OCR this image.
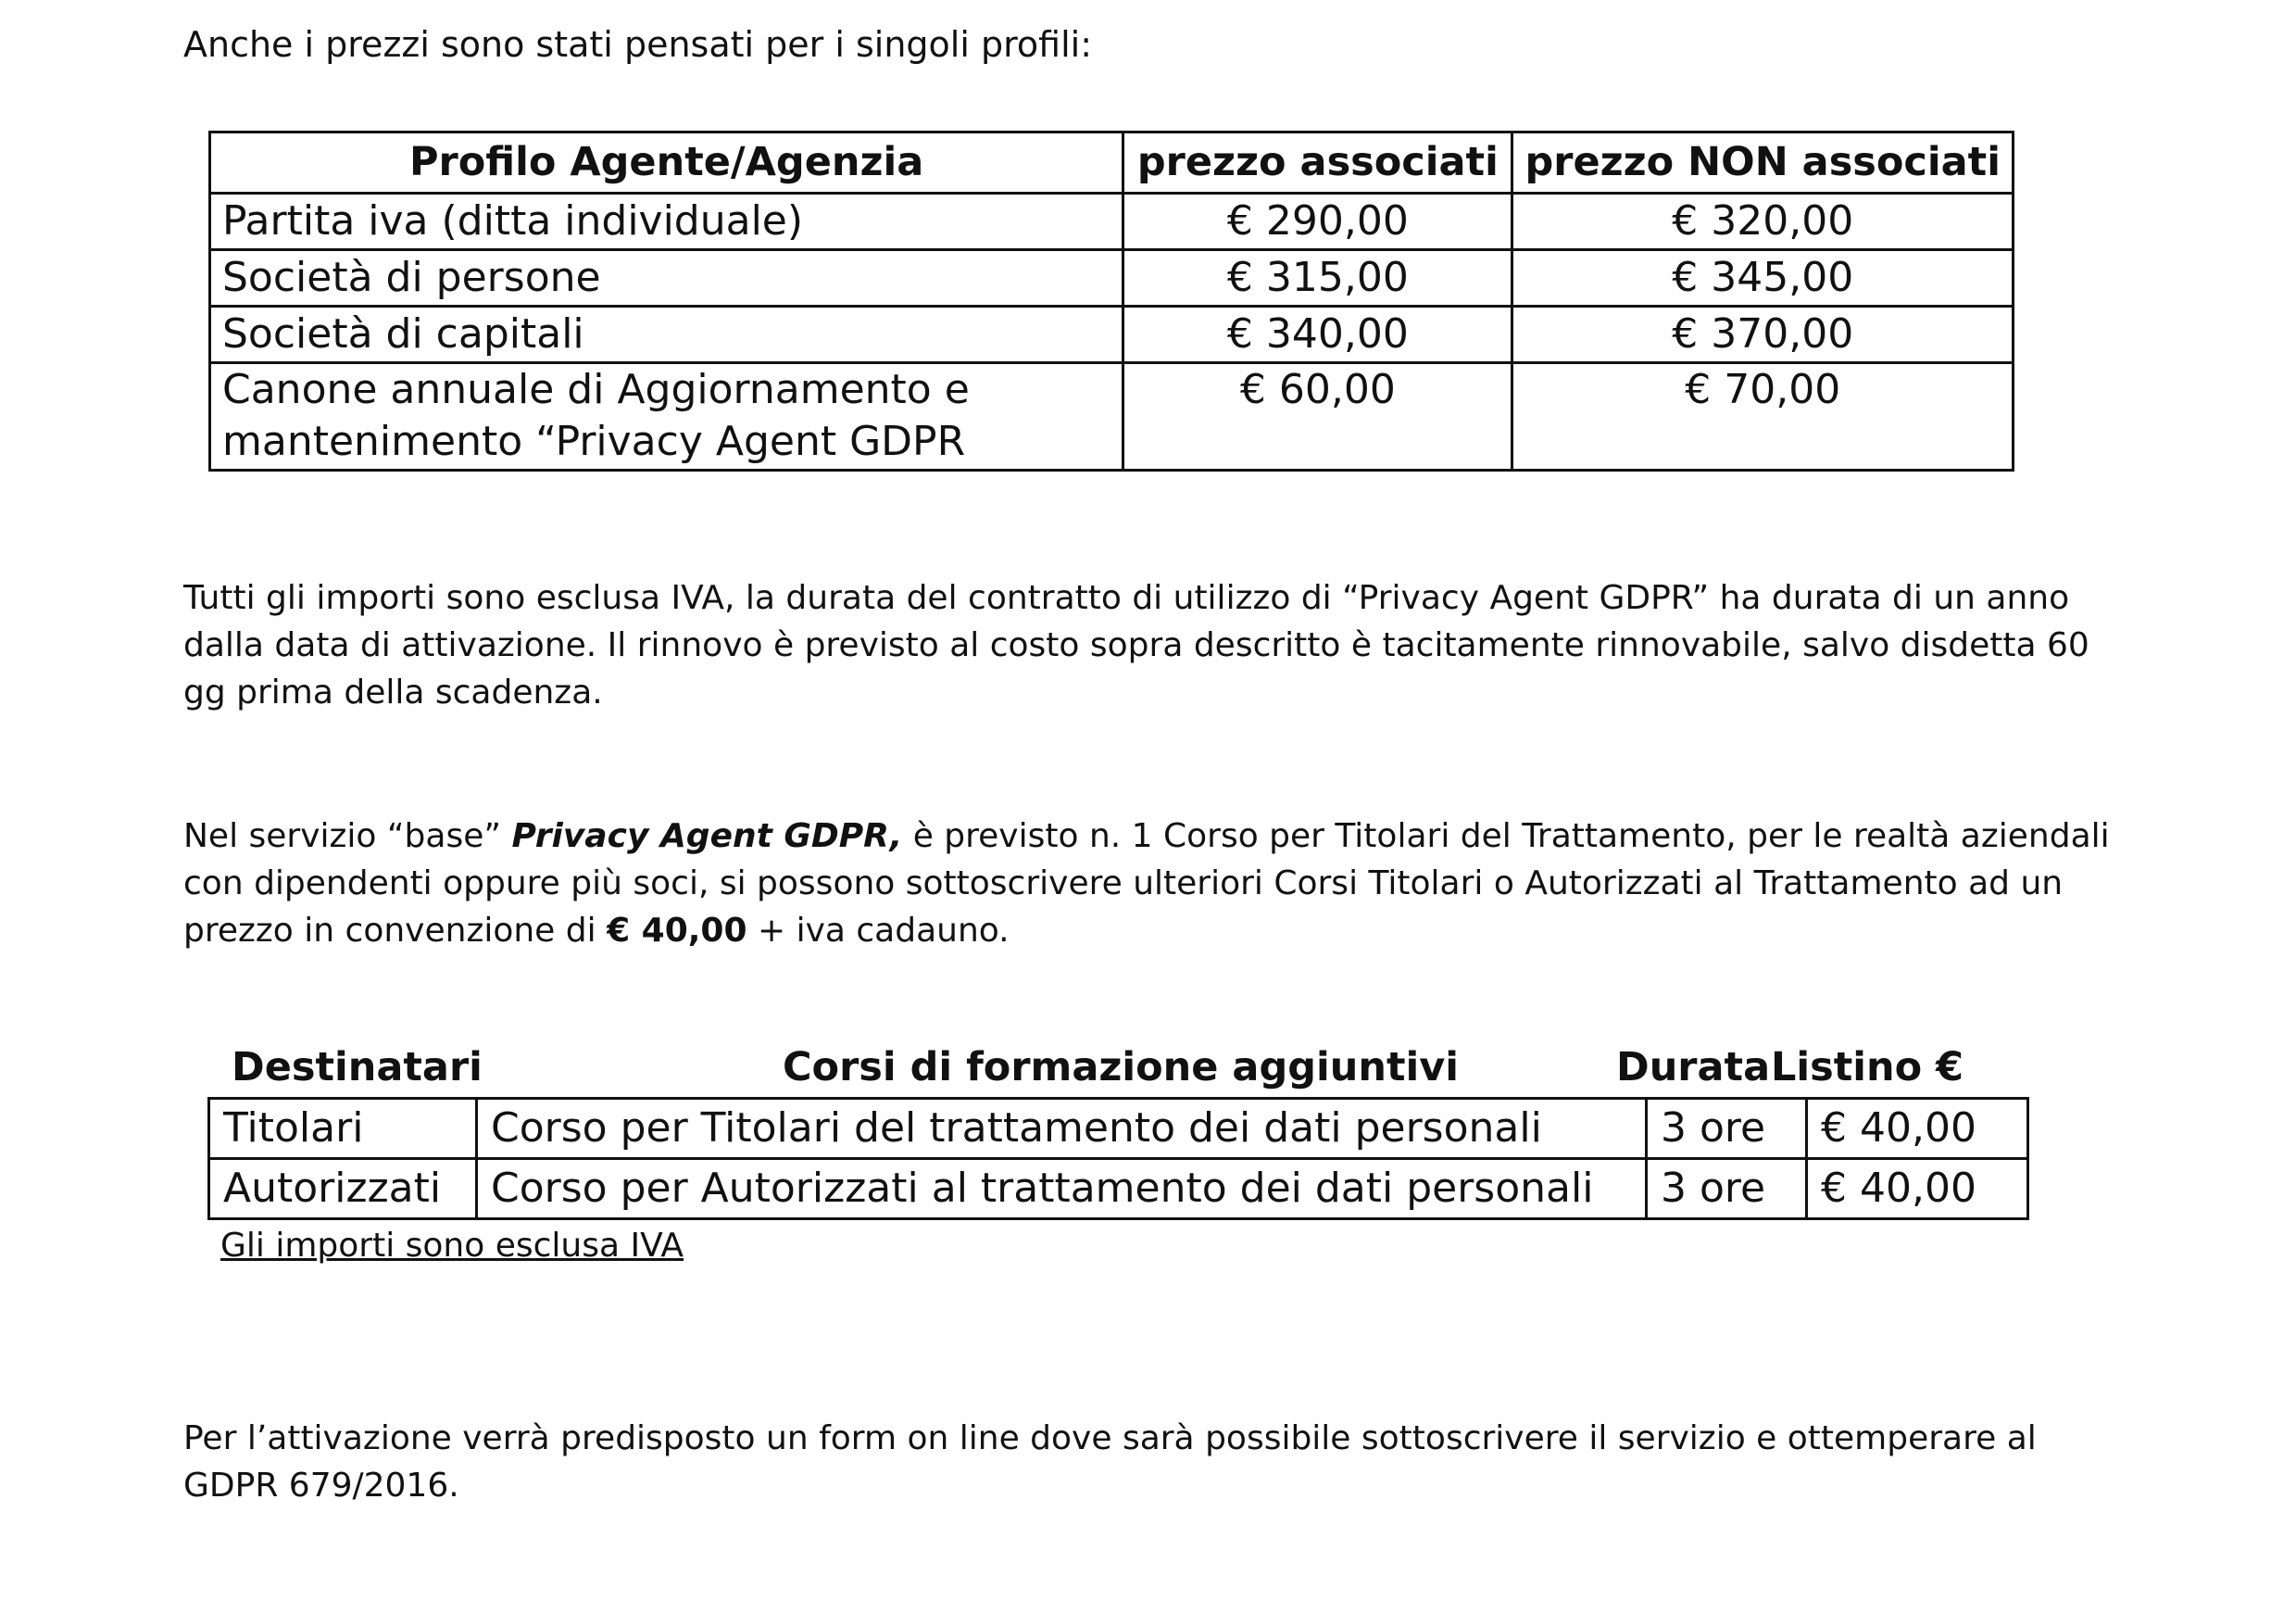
Anche i prezzi sono stati pensati per i singoli profili:

Profilo Agente/Agenzia	prezzo associati	prezzo NON associati
Partita iva (ditta individuale)	€ 290,00	€ 320,00
Società di persone	€ 315,00	€ 345,00
Società di capitali	€ 340,00	€ 370,00

Canone annuale di Aggiornamento e
mantenimento “Privacy Agent GDPR	€ 60,00	€ 70,00

Tutti gli importi sono esclusa IVA, la durata del contratto di utilizzo di “Privacy Agent GDPR” ha durata di un anno dalla data di attivazione. Il rinnovo è previsto al costo sopra descritto è tacitamente rinnovabile, salvo disdetta 60 gg prima della scadenza.

Nel servizio “base” Privacy Agent GDPR, è previsto n. 1 Corso per Titolari del Trattamento, per le realtà aziendali con dipendenti oppure più soci, si possono sottoscrivere ulteriori Corsi Titolari o Autorizzati al Trattamento ad un prezzo in convenzione di € 40,00 + iva cadauno.

Destinatari	Corsi di formazione aggiuntivi	Durata Listino €
Titolari	Corso per Titolari del trattamento dei dati personali	3 ore	€ 40,00
Autorizzati	Corso per Autorizzati al trattamento dei dati personali	3 ore	€ 40,00
Gli importi sono esclusa IVA

Per l’attivazione verrà predisposto un form on line dove sarà possibile sottoscrivere il servizio e ottemperare al GDPR 679/2016.
